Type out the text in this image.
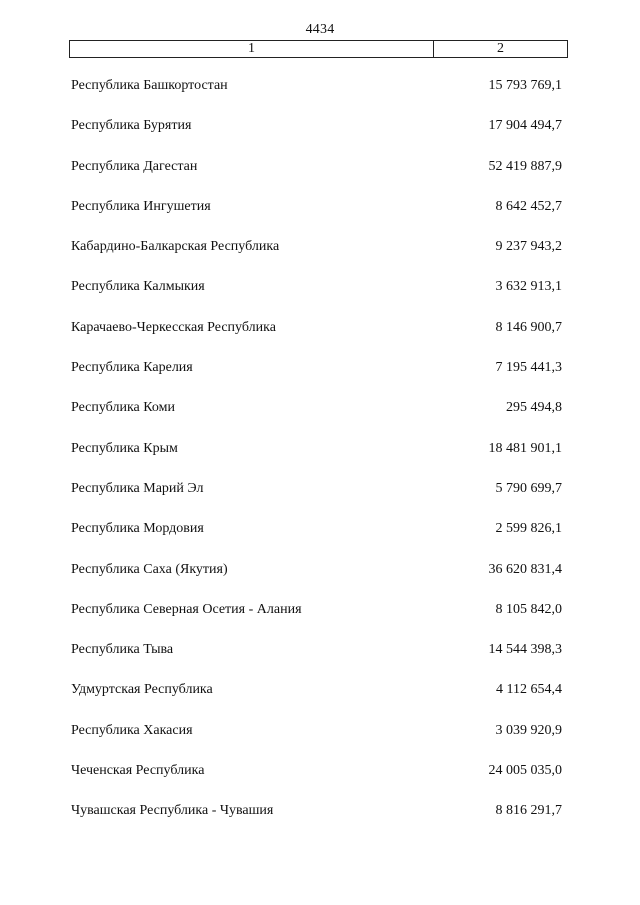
4434
1	2
Республика Башкортостан	15 793 769,1
Республика Бурятия	17 904 494,7
Республика Дагестан	52 419 887,9
Республика Ингушетия	8 642 452,7
Кабардино-Балкарская Республика	9 237 943,2
Республика Калмыкия	3 632 913,1
Карачаево-Черкесская Республика	8 146 900,7
Республика Карелия	7 195 441,3
Республика Коми	295 494,8
Республика Крым	18 481 901,1
Республика Марий Эл	5 790 699,7
Республика Мордовия	2 599 826,1
Республика Саха (Якутия)	36 620 831,4
Республика Северная Осетия - Алания	8 105 842,0
Республика Тыва	14 544 398,3
Удмуртская Республика	4 112 654,4
Республика Хакасия	3 039 920,9
Чеченская Республика	24 005 035,0
Чувашская Республика - Чувашия	8 816 291,7
